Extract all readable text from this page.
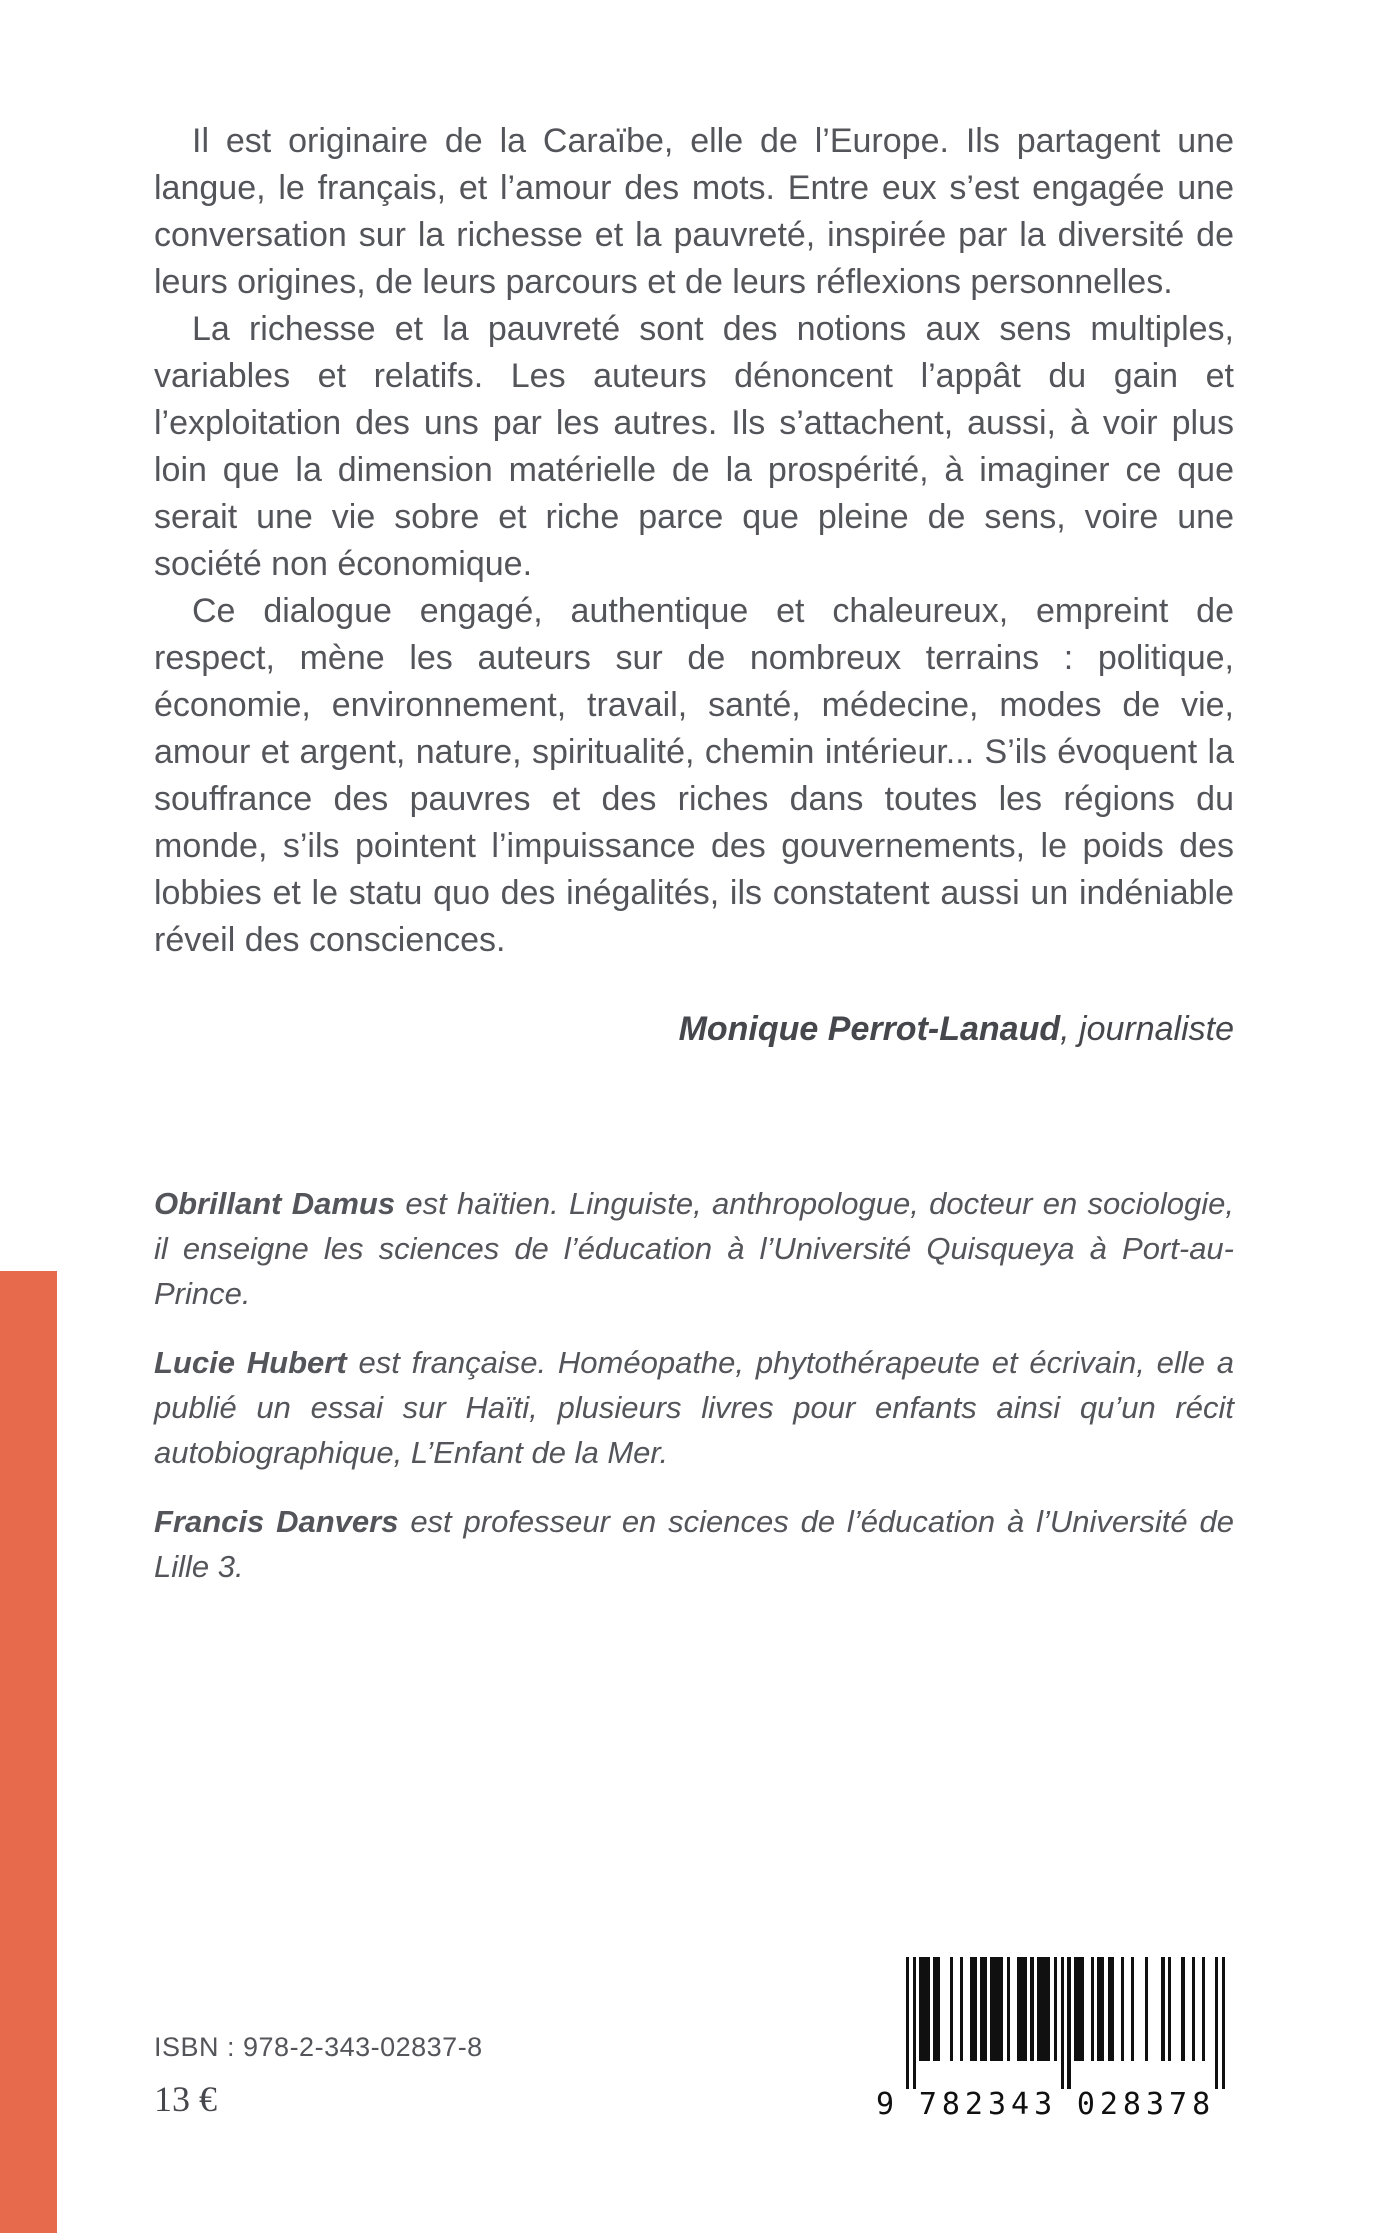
Il est originaire de la Caraïbe, elle de l’Europe. Ils partagent une langue, le français, et l’amour des mots. Entre eux s’est engagée une conversation sur la richesse et la pauvreté, inspirée par la diversité de leurs origines, de leurs parcours et de leurs réflexions personnelles.

La richesse et la pauvreté sont des notions aux sens multiples, variables et relatifs. Les auteurs dénoncent l’appât du gain et l’exploitation des uns par les autres. Ils s’attachent, aussi, à voir plus loin que la dimension matérielle de la prospérité, à imaginer ce que serait une vie sobre et riche parce que pleine de sens, voire une société non économique.

Ce dialogue engagé, authentique et chaleureux, empreint de respect, mène les auteurs sur de nombreux terrains : politique, économie, environnement, travail, santé, médecine, modes de vie, amour et argent, nature, spiritualité, chemin intérieur... S’ils évoquent la souffrance des pauvres et des riches dans toutes les régions du monde, s’ils pointent l’impuissance des gouvernements, le poids des lobbies et le statu quo des inégalités, ils constatent aussi un indéniable réveil des consciences.

Monique Perrot-Lanaud, journaliste

Obrillant Damus est haïtien. Linguiste, anthropologue, docteur en sociologie, il enseigne les sciences de l’éducation à l’Université Quisqueya à Port-au-Prince.

Lucie Hubert est française. Homéopathe, phytothérapeute et écrivain, elle a publié un essai sur Haïti, plusieurs livres pour enfants ainsi qu’un récit autobiographique, L’Enfant de la Mer.

Francis Danvers est professeur en sciences de l’éducation à l’Université de Lille 3.

ISBN : 978-2-343-02837-8
13 €	9 782343 028378
